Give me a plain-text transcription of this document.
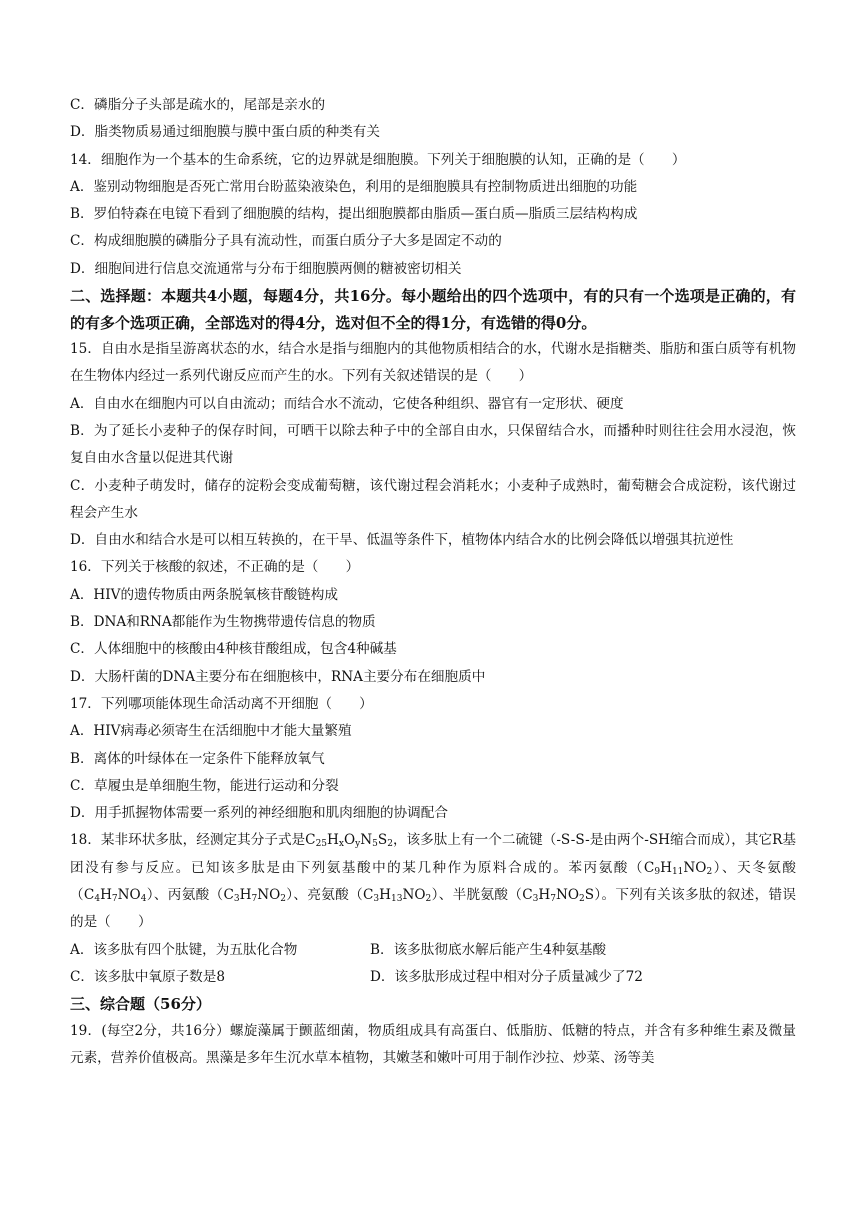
C．磷脂分子头部是疏水的，尾部是亲水的
D．脂类物质易通过细胞膜与膜中蛋白质的种类有关
14．细胞作为一个基本的生命系统，它的边界就是细胞膜。下列关于细胞膜的认知，正确的是（　　）
A．鉴别动物细胞是否死亡常用台盼蓝染液染色，利用的是细胞膜具有控制物质进出细胞的功能
B．罗伯特森在电镜下看到了细胞膜的结构，提出细胞膜都由脂质—蛋白质—脂质三层结构构成
C．构成细胞膜的磷脂分子具有流动性，而蛋白质分子大多是固定不动的
D．细胞间进行信息交流通常与分布于细胞膜两侧的糖被密切相关
二、选择题：本题共4小题，每题4分，共16分。每小题给出的四个选项中，有的只有一个选项是正确的，有的有多个选项正确，全部选对的得4分，选对但不全的得1分，有选错的得0分。
15．自由水是指呈游离状态的水，结合水是指与细胞内的其他物质相结合的水，代谢水是指糖类、脂肪和蛋白质等有机物在生物体内经过一系列代谢反应而产生的水。下列有关叙述错误的是（　　）
A．自由水在细胞内可以自由流动；而结合水不流动，它使各种组织、器官有一定形状、硬度
B．为了延长小麦种子的保存时间，可晒干以除去种子中的全部自由水，只保留结合水，而播种时则往往会用水浸泡，恢复自由水含量以促进其代谢
C．小麦种子萌发时，储存的淀粉会变成葡萄糖，该代谢过程会消耗水；小麦种子成熟时，葡萄糖会合成淀粉，该代谢过程会产生水
D．自由水和结合水是可以相互转换的，在干旱、低温等条件下，植物体内结合水的比例会降低以增强其抗逆性
16．下列关于核酸的叙述，不正确的是（　　）
A．HIV的遗传物质由两条脱氧核苷酸链构成
B．DNA和RNA都能作为生物携带遗传信息的物质
C．人体细胞中的核酸由4种核苷酸组成，包含4种碱基
D．大肠杆菌的DNA主要分布在细胞核中，RNA主要分布在细胞质中
17．下列哪项能体现生命活动离不开细胞（　　）
A．HIV病毒必须寄生在活细胞中才能大量繁殖
B．离体的叶绿体在一定条件下能释放氧气
C．草履虫是单细胞生物，能进行运动和分裂
D．用手抓握物体需要一系列的神经细胞和肌肉细胞的协调配合
18．某非环状多肽，经测定其分子式是$C_{25}H_xO_yN_5S_2$，该多肽上有一个二硫键（-S-S-是由两个-SH缩合而成），其它R基团没有参与反应。已知该多肽是由下列氨基酸中的某几种作为原料合成的。苯丙氨酸$(C_9H_{11}NO_2)$、天冬氨酸$(C_4H_7NO_4)$、丙氨酸$(C_3H_7NO_2)$、亮氨酸$(C_3H_{13}NO_2)$、半胱氨酸$(C_3H_7NO_2S)$。下列有关该多肽的叙述，错误的是（　　）
A．该多肽有四个肽键，为五肽化合物	B．该多肽彻底水解后能产生4种氨基酸
C．该多肽中氧原子数是8	D．该多肽形成过程中相对分子质量减少了72
三、综合题（56分）
19．(每空2分，共16分）螺旋藻属于颤蓝细菌，物质组成具有高蛋白、低脂肪、低糖的特点，并含有多种维生素及微量元素，营养价值极高。黑藻是多年生沉水草本植物，其嫩茎和嫩叶可用于制作沙拉、炒菜、汤等美
